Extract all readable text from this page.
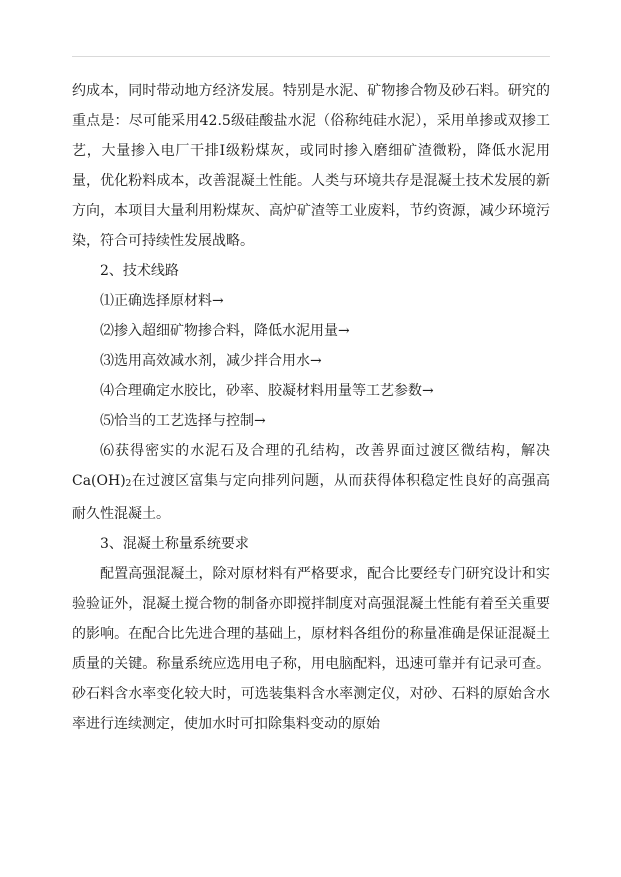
约成本，同时带动地方经济发展。特别是水泥、矿物掺合物及砂石料。研究的重点是：尽可能采用42.5级硅酸盐水泥（俗称纯硅水泥），采用单掺或双掺工艺，大量掺入电厂干排Ⅰ级粉煤灰，或同时掺入磨细矿渣微粉，降低水泥用量，优化粉料成本，改善混凝土性能。人类与环境共存是混凝土技术发展的新方向，本项目大量利用粉煤灰、高炉矿渣等工业废料，节约资源，减少环境污染，符合可持续性发展战略。

2、技术线路

⑴正确选择原材料→

⑵掺入超细矿物掺合料，降低水泥用量→

⑶选用高效减水剂，减少拌合用水→

⑷合理确定水胶比，砂率、胶凝材料用量等工艺参数→

⑸恰当的工艺选择与控制→

⑹获得密实的水泥石及合理的孔结构，改善界面过渡区微结构，解决$Ca(OH)_2$在过渡区富集与定向排列问题，从而获得体积稳定性良好的高强高耐久性混凝土。

3、混凝土称量系统要求

配置高强混凝土，除对原材料有严格要求，配合比要经专门研究设计和实验验证外，混凝土搅合物的制备亦即搅拌制度对高强混凝土性能有着至关重要的影响。在配合比先进合理的基础上，原材料各组份的称量准确是保证混凝土质量的关键。称量系统应选用电子称，用电脑配料，迅速可靠并有记录可查。砂石料含水率变化较大时，可选装集料含水率测定仪，对砂、石料的原始含水率进行连续测定，使加水时可扣除集料变动的原始
